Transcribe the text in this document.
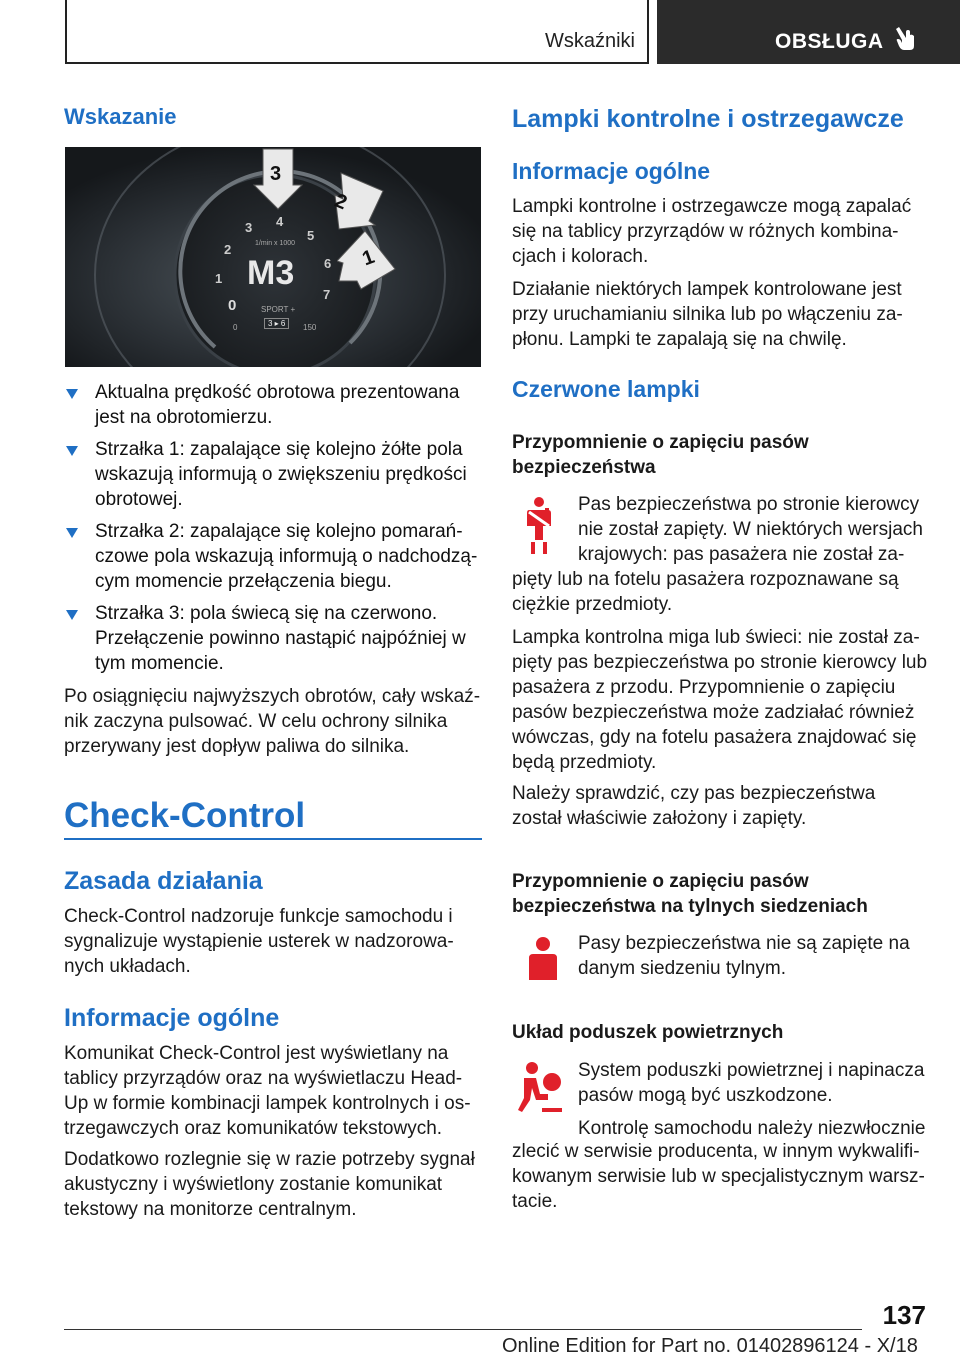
Wskaźniki	OBSŁUGA
Wskazanie
M3
1/min x 1000
0
1
2
3 4
5
6
7
SPORT +
3 ▸ 6
0	150
3
2
1
Aktualna prędkość obrotowa prezentowana jest na obrotomierzu.
Strzałka 1: zapalające się kolejno żółte pola wskazują informują o zwiększeniu prędkości obrotowej.
Strzałka 2: zapalające się kolejno pomarańczowe pola wskazują informują o nadchodzącym momencie przełączenia biegu.
Strzałka 3: pola świecą się na czerwono. Przełączenie powinno nastąpić najpóźniej w tym momencie.
Po osiągnięciu najwyższych obrotów, cały wskaźnik zaczyna pulsować. W celu ochrony silnika przerywany jest dopływ paliwa do silnika.
Check-Control
Zasada działania
Check-Control nadzoruje funkcje samochodu i sygnalizuje wystąpienie usterek w nadzorowanych układach.
Informacje ogólne
Komunikat Check-Control jest wyświetlany na tablicy przyrządów oraz na wyświetlaczu Head-Up w formie kombinacji lampek kontrolnych i ostrzegawczych oraz komunikatów tekstowych.
Dodatkowo rozlegnie się w razie potrzeby sygnał akustyczny i wyświetlony zostanie komunikat tekstowy na monitorze centralnym.
Lampki kontrolne i ostrzegawcze
Informacje ogólne
Lampki kontrolne i ostrzegawcze mogą zapalać się na tablicy przyrządów w różnych kombinacjach i kolorach.
Działanie niektórych lampek kontrolowane jest przy uruchamianiu silnika lub po włączeniu zapłonu. Lampki te zapalają się na chwilę.
Czerwone lampki
Przypomnienie o zapięciu pasów bezpieczeństwa
Pas bezpieczeństwa po stronie kierowcy
nie został zapięty. W niektórych wersjach
krajowych: pas pasażera nie został za-
pięty lub na fotelu pasażera rozpoznawane są ciężkie przedmioty.
Lampka kontrolna miga lub świeci: nie został zapięty pas bezpieczeństwa po stronie kierowcy lub pasażera z przodu. Przypomnienie o zapięciu pasów bezpieczeństwa może zadziałać również wówczas, gdy na fotelu pasażera znajdować się będą przedmioty.
Należy sprawdzić, czy pas bezpieczeństwa został właściwie założony i zapięty.
Przypomnienie o zapięciu pasów bezpieczeństwa na tylnych siedzeniach
Pasy bezpieczeństwa nie są zapięte na
danym siedzeniu tylnym.
Układ poduszek powietrznych
System poduszki powietrznej i napinacza
pasów mogą być uszkodzone.
Kontrolę samochodu należy niezwłocznie
zlecić w serwisie producenta, w innym wykwalifikowanym serwisie lub w specjalistycznym warsztacie.
137
Online Edition for Part no. 01402896124 - X/18
